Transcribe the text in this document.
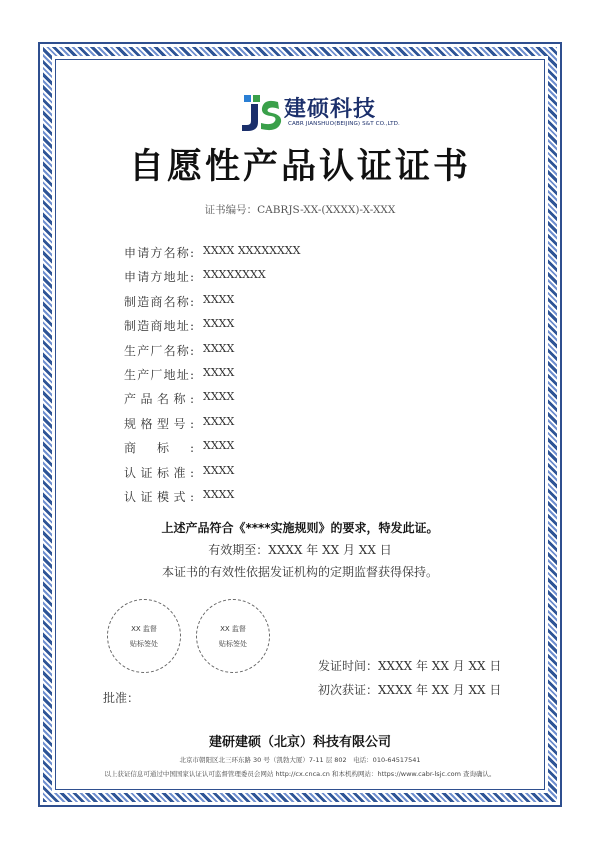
建硕科技
CABR JIANSHUO(BEIJING) S&T CO.,LTD.
自愿性产品认证证书
证书编号：CABRJS-XX-(XXXX)-X-XXX
申请方名称: XXXX XXXXXXXX
申请方地址: XXXXXXXX
制造商名称: XXXX
制造商地址: XXXX
生产厂名称: XXXX
生产厂地址: XXXX
产品名称: XXXX
规格型号: XXXX
商标: XXXX
认证标准: XXXX
认证模式: XXXX
上述产品符合《****实施规则》的要求，特发此证。
有效期至：XXXX 年 XX 月 XX 日
本证书的有效性依据发证机构的定期监督获得保持。
XX 监督
贴标签处
XX 监督
贴标签处
发证时间：XXXX 年 XX 月 XX 日
初次获证：XXXX 年 XX 月 XX 日
批准：
建研建硕（北京）科技有限公司
北京市朝阳区北三环东路 30 号（凯勃大厦）7-11 层 802　电话：010-64517541
以上获证信息可通过中国国家认证认可监督管理委员会网站 http://cx.cnca.cn 和本机构网站：https://www.cabr-lsjc.com 查询确认。
